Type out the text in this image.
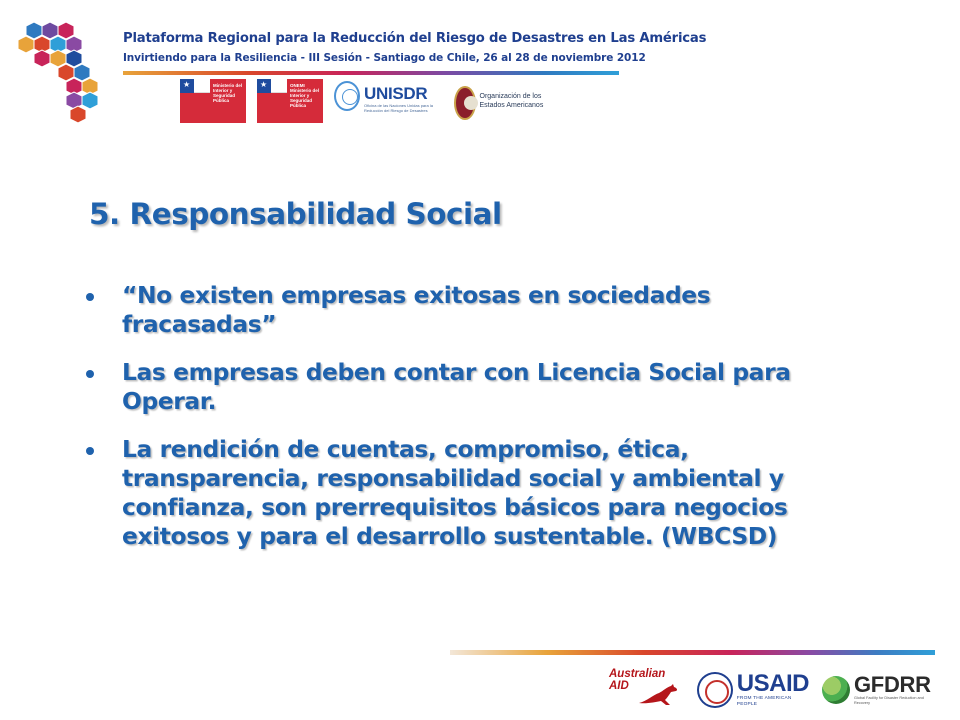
Plataforma Regional para la Reducción del Riesgo de Desastres en Las Américas
Invirtiendo para la Resiliencia - III Sesión - Santiago de Chile, 26 al 28 de noviembre 2012
★
Ministerio del Interior y Seguridad Pública
★
ONEMI Ministerio del Interior y Seguridad Pública
UNISDR
Oficina de las Naciones Unidas para la Reducción del Riesgo de Desastres
Organización de los Estados Americanos
5. Responsabilidad Social
“No existen empresas exitosas en sociedades fracasadas”
Las empresas deben contar con Licencia Social para Operar.
La rendición de cuentas, compromiso, ética, transparencia, responsabilidad social y ambiental y confianza, son prerrequisitos básicos para negocios exitosos y para el desarrollo sustentable. (WBCSD)
Australian AID	USAID
FROM THE AMERICAN PEOPLE
GFDRR
Global Facility for Disaster Reduction and Recovery
